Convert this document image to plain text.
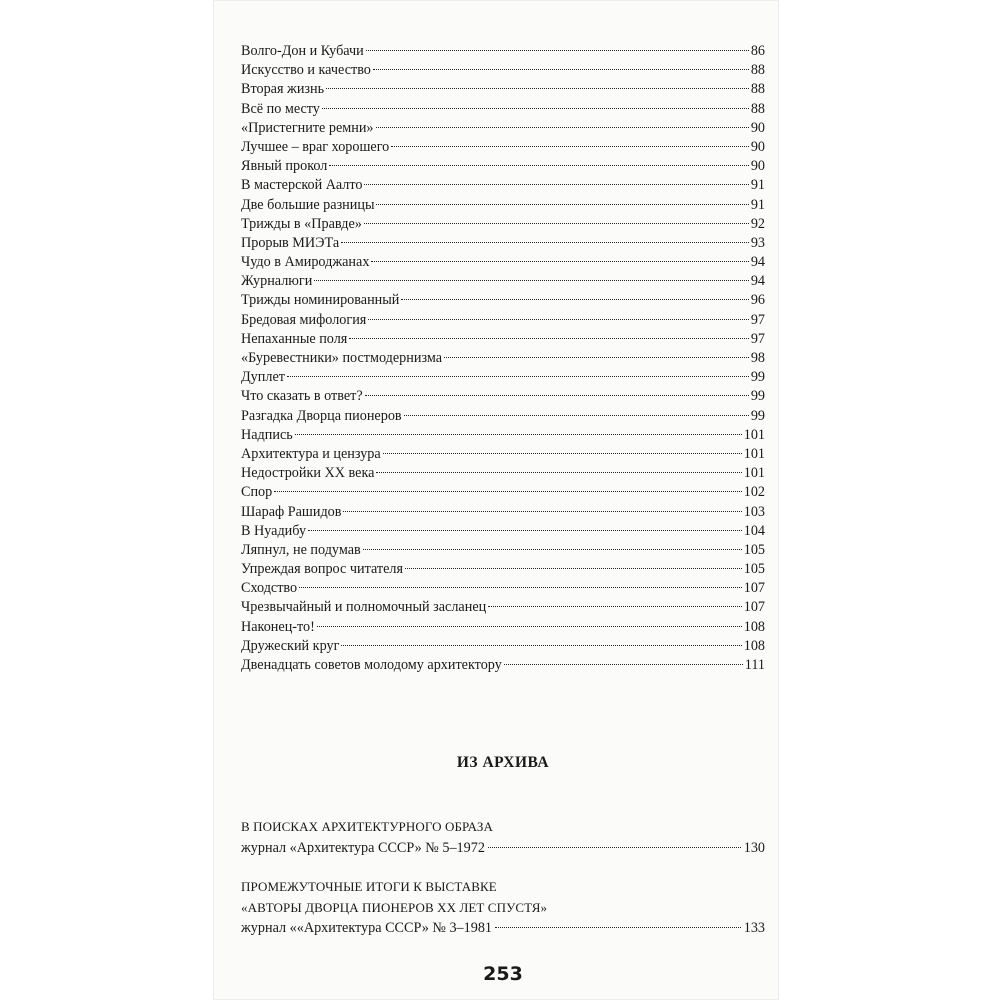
Волго-Дон и Кубачи	86
Искусство и качество	88
Вторая жизнь	88
Всё по месту	88
«Пристегните ремни»	90
Лучшее – враг хорошего	90
Явный прокол	90
В мастерской Аалто	91
Две большие разницы	91
Трижды в «Правде»	92
Прорыв МИЭТа	93
Чудо в Амироджанах	94
Журналюги	94
Трижды номинированный	96
Бредовая мифология	97
Непаханные поля	97
«Буревестники» постмодернизма	98
Дуплет	99
Что сказать в ответ?	99
Разгадка Дворца пионеров	99
Надпись	101
Архитектура и цензура	101
Недостройки ХХ века	101
Спор	102
Шараф Рашидов	103
В Нуадибу	104
Ляпнул, не подумав	105
Упреждая вопрос читателя	105
Сходство	107
Чрезвычайный и полномочный засланец	107
Наконец-то!	108
Дружеский круг	108
Двенадцать советов молодому архитектору	111
ИЗ АРХИВА
В ПОИСКАХ АРХИТЕКТУРНОГО ОБРАЗА
журнал «Архитектура СССР» № 5–1972	130
ПРОМЕЖУТОЧНЫЕ ИТОГИ К ВЫСТАВКЕ
«АВТОРЫ ДВОРЦА ПИОНЕРОВ ХХ ЛЕТ СПУСТЯ»
журнал ««Архитектура СССР» № 3–1981	133
253
